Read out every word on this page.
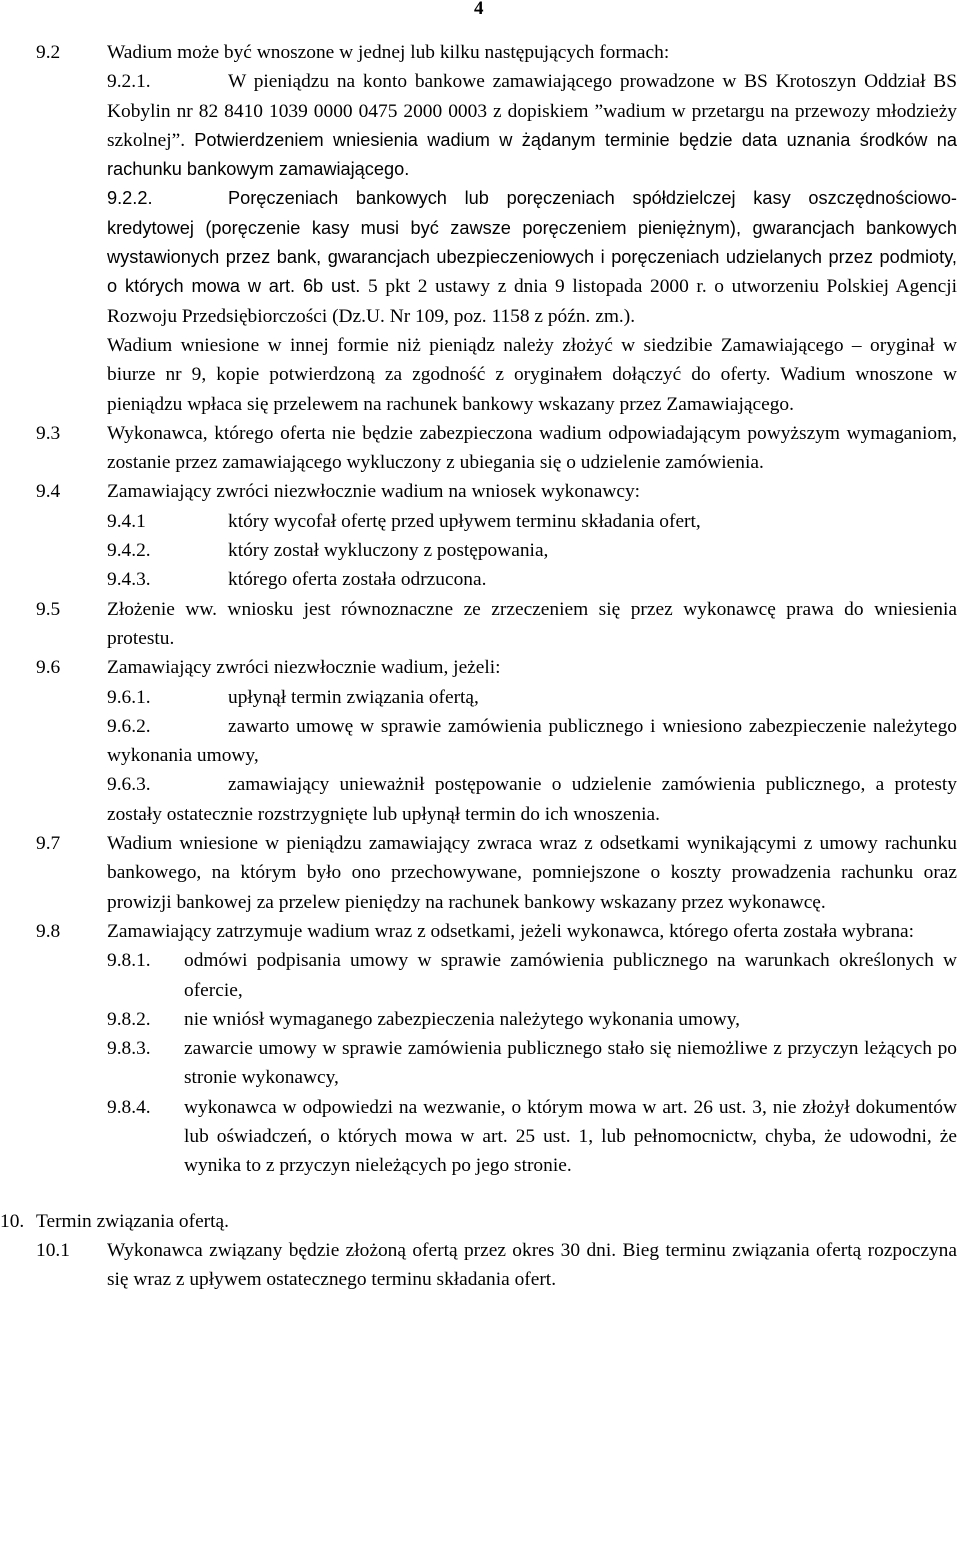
4
9.2 Wadium może być wnoszone w jednej lub kilku następujących formach:
9.2.1.	W pieniądzu na konto bankowe zamawiającego prowadzone w BS Krotoszyn Oddział BS Kobylin nr 82 8410 1039 0000 0475 2000 0003 z dopiskiem ”wadium w przetargu na przewozy młodzieży szkolnej”. Potwierdzeniem wniesienia wadium w żądanym terminie będzie data uznania środków na rachunku bankowym zamawiającego.
9.2.2.	Poręczeniach bankowych lub poręczeniach spółdzielczej kasy oszczędnościowo-kredytowej (poręczenie kasy musi być zawsze poręczeniem pieniężnym), gwarancjach bankowych wystawionych przez bank, gwarancjach ubezpieczeniowych i poręczeniach udzielanych przez podmioty, o których mowa w art. 6b ust. 5 pkt 2 ustawy z dnia 9 listopada 2000 r. o utworzeniu Polskiej Agencji Rozwoju Przedsiębiorczości (Dz.U. Nr 109, poz. 1158 z późn. zm.).
Wadium wniesione w innej formie niż pieniądz należy złożyć w siedzibie Zamawiającego – oryginał w biurze nr 9, kopie potwierdzoną za zgodność z oryginałem dołączyć do oferty. Wadium wnoszone w pieniądzu wpłaca się przelewem na rachunek bankowy wskazany przez Zamawiającego.
9.3 Wykonawca, którego oferta nie będzie zabezpieczona wadium odpowiadającym powyższym wymaganiom, zostanie przez zamawiającego wykluczony z ubiegania się o udzielenie zamówienia.
9.4 Zamawiający zwróci niezwłocznie wadium na wniosek wykonawcy:
9.4.1	który wycofał ofertę przed upływem terminu składania ofert,
9.4.2.	który został wykluczony z postępowania,
9.4.3.	którego oferta została odrzucona.
9.5 Złożenie ww. wniosku jest równoznaczne ze zrzeczeniem się przez wykonawcę prawa do wniesienia protestu.
9.6 Zamawiający zwróci niezwłocznie wadium, jeżeli:
9.6.1.	upłynął termin związania ofertą,
9.6.2.	zawarto umowę w sprawie zamówienia publicznego i wniesiono zabezpieczenie należytego wykonania umowy,
9.6.3.	zamawiający unieważnił postępowanie o udzielenie zamówienia publicznego, a protesty zostały ostatecznie rozstrzygnięte lub upłynął termin do ich wnoszenia.
9.7 Wadium wniesione w pieniądzu zamawiający zwraca wraz z odsetkami wynikającymi z umowy rachunku bankowego, na którym było ono przechowywane, pomniejszone o koszty prowadzenia rachunku oraz prowizji bankowej za przelew pieniędzy na rachunek bankowy wskazany przez wykonawcę.
9.8 Zamawiający zatrzymuje wadium wraz z odsetkami, jeżeli wykonawca, którego oferta została wybrana:
9.8.1. odmówi podpisania umowy w sprawie zamówienia publicznego na warunkach określonych w ofercie,
9.8.2. nie wniósł wymaganego zabezpieczenia należytego wykonania umowy,
9.8.3. zawarcie umowy w sprawie zamówienia publicznego stało się niemożliwe z przyczyn leżących po stronie wykonawcy,
9.8.4. wykonawca w odpowiedzi na wezwanie, o którym mowa w art. 26 ust. 3, nie złożył dokumentów lub oświadczeń, o których mowa w art. 25 ust. 1, lub pełnomocnictw, chyba, że udowodni, że wynika to z przyczyn nieleżących po jego stronie.
10. Termin związania ofertą.
10.1 Wykonawca związany będzie złożoną ofertą przez okres 30 dni. Bieg terminu związania ofertą rozpoczyna się wraz z upływem ostatecznego terminu składania ofert.
